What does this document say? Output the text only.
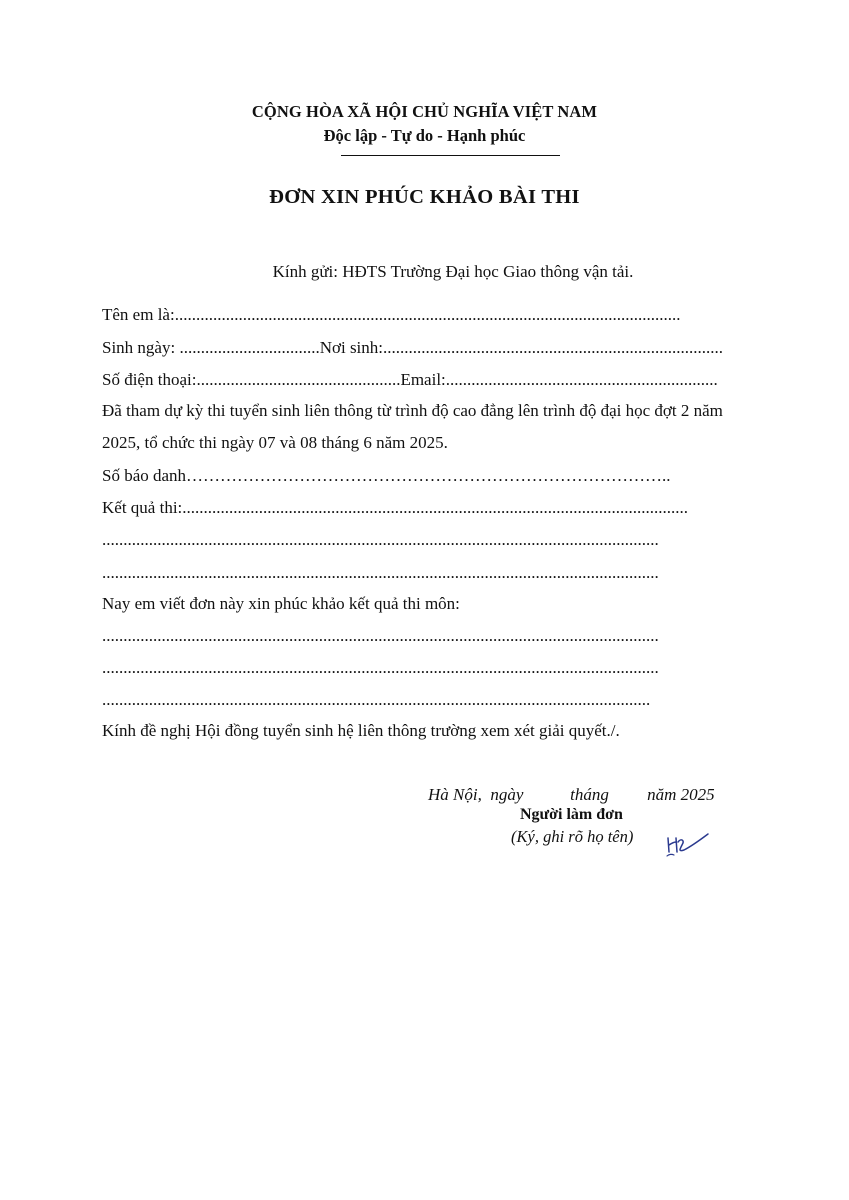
CỘNG HÒA XÃ HỘI CHỦ NGHĨA VIỆT NAM
Độc lập - Tự do - Hạnh phúc
ĐƠN XIN PHÚC KHẢO BÀI THI
Kính gửi: HĐTS Trường Đại học Giao thông vận tải.
Tên em là:.......................................................................................................................
Sinh ngày: .................................Nơi sinh:................................................................................
Số điện thoại:................................................Email:................................................................
Đã tham dự kỳ thi tuyển sinh liên thông từ trình độ cao đẳng lên trình độ đại học đợt 2 năm
2025, tổ chức thi ngày 07 và 08 tháng 6 năm 2025.
Số báo danh…………………………………………………………………………..
Kết quả thi:.......................................................................................................................
...................................................................................................................................
...................................................................................................................................
Nay em viết đơn này xin phúc khảo kết quả thi môn:
...................................................................................................................................
...................................................................................................................................
.................................................................................................................................
Kính đề nghị Hội đồng tuyển sinh hệ liên thông trường xem xét giải quyết./.
Hà Nội,  ngày           tháng         năm 2025
Người làm đơn
(Ký, ghi rõ họ tên)
